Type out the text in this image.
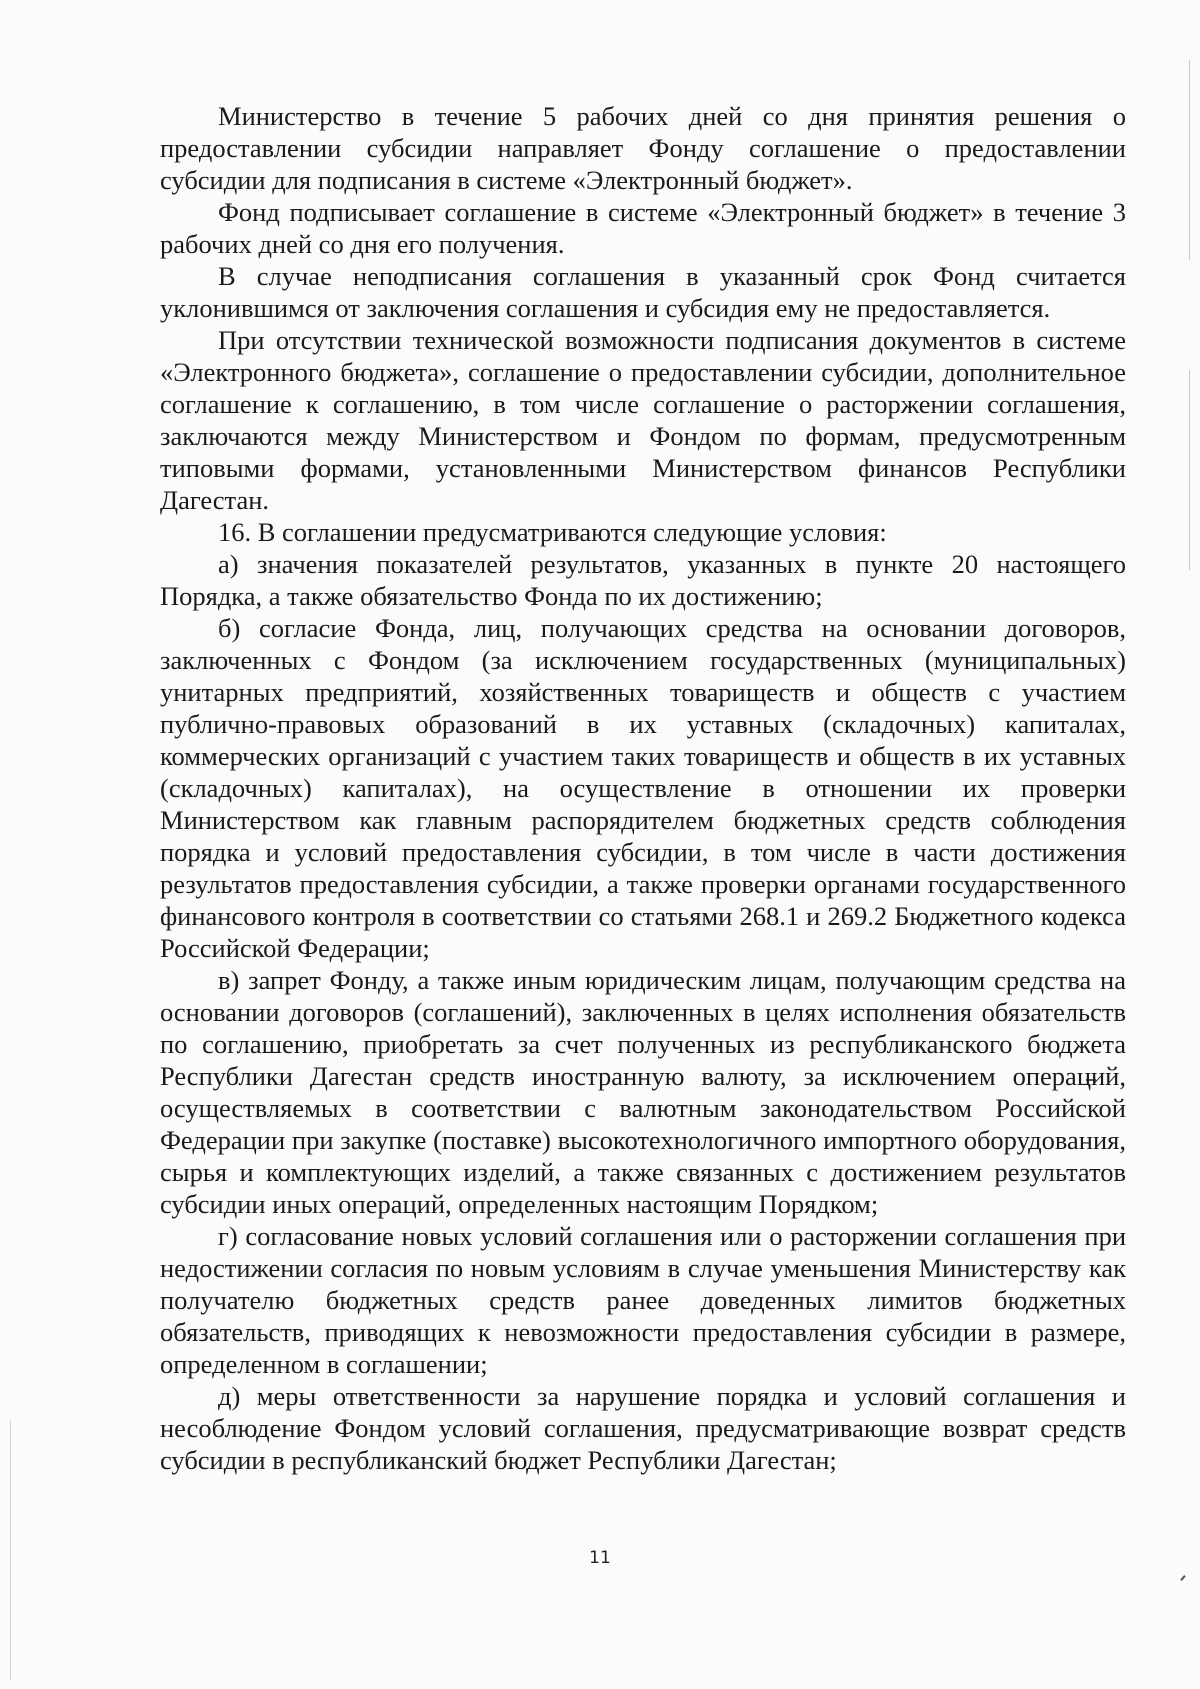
Министерство в течение 5 рабочих дней со дня принятия решения о предоставлении субсидии направляет Фонду соглашение о предоставлении субсидии для подписания в системе «Электронный бюджет».

Фонд подписывает соглашение в системе «Электронный бюджет» в течение 3 рабочих дней со дня его получения.

В случае неподписания соглашения в указанный срок Фонд считается уклонившимся от заключения соглашения и субсидия ему не предоставляется.

При отсутствии технической возможности подписания документов в системе «Электронного бюджета», соглашение о предоставлении субсидии, дополнительное соглашение к соглашению, в том числе соглашение о расторжении соглашения, заключаются между Министерством и Фондом по формам, предусмотренным типовыми формами, установленными Министерством финансов Республики Дагестан.

16. В соглашении предусматриваются следующие условия:

а) значения показателей результатов, указанных в пункте 20 настоящего Порядка, а также обязательство Фонда по их достижению;

б) согласие Фонда, лиц, получающих средства на основании договоров, заключенных с Фондом (за исключением государственных (муниципальных) унитарных предприятий, хозяйственных товариществ и обществ с участием публично-правовых образований в их уставных (складочных) капиталах, коммерческих организаций с участием таких товариществ и обществ в их уставных (складочных) капиталах), на осуществление в отношении их проверки Министерством как главным распорядителем бюджетных средств соблюдения порядка и условий предоставления субсидии, в том числе в части достижения результатов предоставления субсидии, а также проверки органами государственного финансового контроля в соответствии со статьями 268.1 и 269.2 Бюджетного кодекса Российской Федерации;

в) запрет Фонду, а также иным юридическим лицам, получающим средства на основании договоров (соглашений), заключенных в целях исполнения обязательств по соглашению, приобретать за счет полученных из республиканского бюджета Республики Дагестан средств иностранную валюту, за исключением операций, осуществляемых в соответствии с валютным законодательством Российской Федерации при закупке (поставке) высокотехнологичного импортного оборудования, сырья и комплектующих изделий, а также связанных с достижением результатов субсидии иных операций, определенных настоящим Порядком;

г) согласование новых условий соглашения или о расторжении соглашения при недостижении согласия по новым условиям в случае уменьшения Министерству как получателю бюджетных средств ранее доведенных лимитов бюджетных обязательств, приводящих к невозможности предоставления субсидии в размере, определенном в соглашении;

д) меры ответственности за нарушение порядка и условий соглашения и несоблюдение Фондом условий соглашения, предусматривающие возврат средств субсидии в республиканский бюджет Республики Дагестан;

11
